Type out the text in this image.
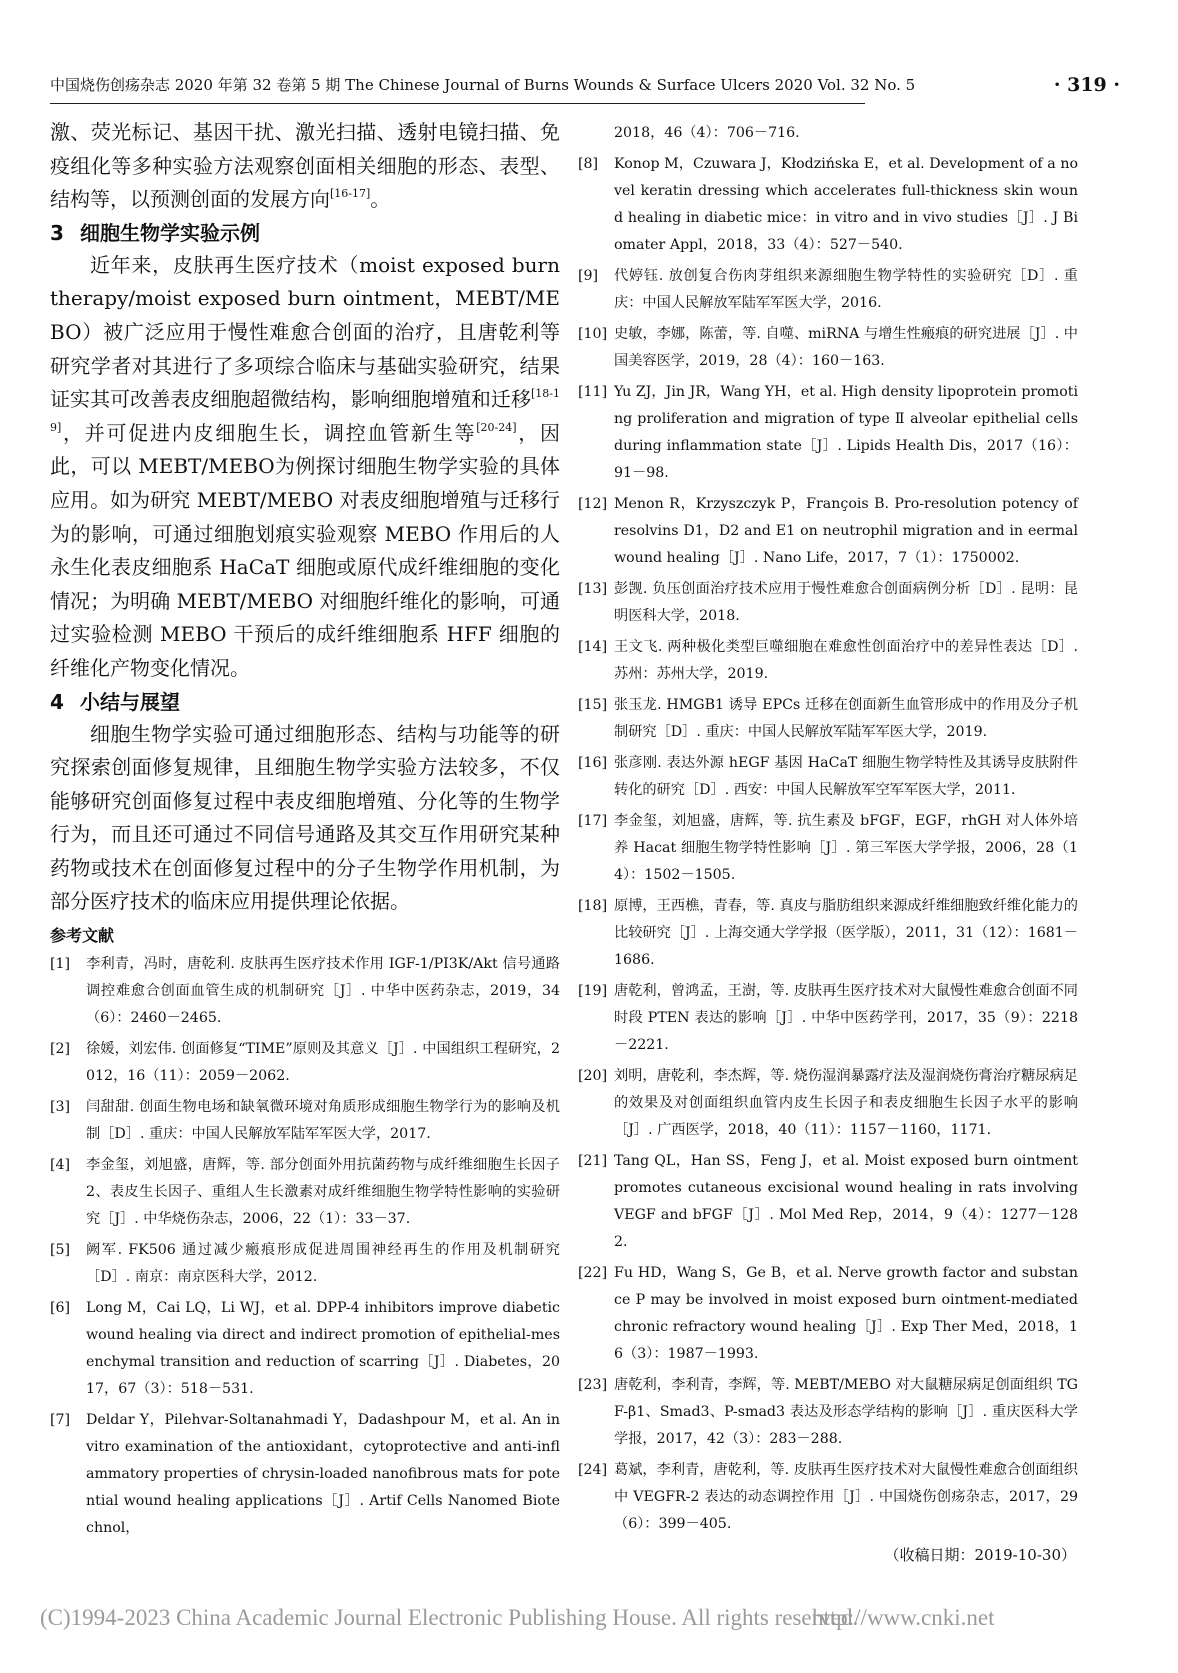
中国烧伤创疡杂志 2020 年第 32 卷第 5 期 The Chinese Journal of Burns Wounds & Surface Ulcers 2020 Vol. 32 No. 5	· 319 ·

激、荧光标记、基因干扰、激光扫描、透射电镜扫描、免疫组化等多种实验方法观察创面相关细胞的形态、表型、结构等，以预测创面的发展方向[16-17]。

3 细胞生物学实验示例

近年来，皮肤再生医疗技术（moist exposed burn therapy/moist exposed burn ointment，MEBT/MEBO）被广泛应用于慢性难愈合创面的治疗，且唐乾利等研究学者对其进行了多项综合临床与基础实验研究，结果证实其可改善表皮细胞超微结构，影响细胞增殖和迁移[18-19]，并可促进内皮细胞生长，调控血管新生等[20-24]，因此，可以 MEBT/MEBO为例探讨细胞生物学实验的具体应用。如为研究 MEBT/MEBO 对表皮细胞增殖与迁移行为的影响，可通过细胞划痕实验观察 MEBO 作用后的人永生化表皮细胞系 HaCaT 细胞或原代成纤维细胞的变化情况；为明确 MEBT/MEBO 对细胞纤维化的影响，可通过实验检测 MEBO 干预后的成纤维细胞系 HFF 细胞的纤维化产物变化情况。

4 小结与展望

细胞生物学实验可通过细胞形态、结构与功能等的研究探索创面修复规律，且细胞生物学实验方法较多，不仅能够研究创面修复过程中表皮细胞增殖、分化等的生物学行为，而且还可通过不同信号通路及其交互作用研究某种药物或技术在创面修复过程中的分子生物学作用机制，为部分医疗技术的临床应用提供理论依据。

参考文献
[1] 李利青，冯时，唐乾利. 皮肤再生医疗技术作用 IGF-1/PI3K/Akt 信号通路调控难愈合创面血管生成的机制研究［J］. 中华中医药杂志，2019，34（6）：2460－2465.
[2] 徐媛，刘宏伟. 创面修复“TIME”原则及其意义［J］. 中国组织工程研究，2012，16（11）：2059－2062.
[3] 闫甜甜. 创面生物电场和缺氧微环境对角质形成细胞生物学行为的影响及机制［D］. 重庆：中国人民解放军陆军军医大学，2017.
[4] 李金玺，刘旭盛，唐辉，等. 部分创面外用抗菌药物与成纤维细胞生长因子 2、表皮生长因子、重组人生长激素对成纤维细胞生物学特性影响的实验研究［J］. 中华烧伤杂志，2006，22（1）：33－37.
[5] 阙军. FK506 通过减少瘢痕形成促进周围神经再生的作用及机制研究［D］. 南京：南京医科大学，2012.
[6] Long M，Cai LQ，Li WJ，et al. DPP-4 inhibitors improve diabetic wound healing via direct and indirect promotion of epithelial-mesenchymal transition and reduction of scarring［J］. Diabetes，2017，67（3）：518－531.
[7] Deldar Y，Pilehvar-Soltanahmadi Y，Dadashpour M，et al. An in vitro examination of the antioxidant，cytoprotective and anti-inflammatory properties of chrysin-loaded nanofibrous mats for potential wound healing applications［J］. Artif Cells Nanomed Biotechnol，
2018，46（4）：706－716.
[8] Konop M，Czuwara J，Kłodzińska E，et al. Development of a novel keratin dressing which accelerates full-thickness skin wound healing in diabetic mice：in vitro and in vivo studies［J］. J Biomater Appl，2018，33（4）：527－540.
[9] 代婷钰. 放创复合伤肉芽组织来源细胞生物学特性的实验研究［D］. 重庆：中国人民解放军陆军军医大学，2016.
[10] 史敏，李娜，陈蕾，等. 自噬、miRNA 与增生性瘢痕的研究进展［J］. 中国美容医学，2019，28（4）：160－163.
[11] Yu ZJ，Jin JR，Wang YH，et al. High density lipoprotein promoting proliferation and migration of type Ⅱ alveolar epithelial cells during inflammation state［J］. Lipids Health Dis，2017（16）：91－98.
[12] Menon R，Krzyszczyk P，François B. Pro-resolution potency of resolvins D1，D2 and E1 on neutrophil migration and in eermal wound healing［J］. Nano Life，2017，7（1）：1750002.
[13] 彭觊. 负压创面治疗技术应用于慢性难愈合创面病例分析［D］. 昆明：昆明医科大学，2018.
[14] 王文飞. 两种极化类型巨噬细胞在难愈性创面治疗中的差异性表达［D］. 苏州：苏州大学，2019.
[15] 张玉龙. HMGB1 诱导 EPCs 迁移在创面新生血管形成中的作用及分子机制研究［D］. 重庆：中国人民解放军陆军军医大学，2019.
[16] 张彦刚. 表达外源 hEGF 基因 HaCaT 细胞生物学特性及其诱导皮肤附件转化的研究［D］. 西安：中国人民解放军空军军医大学，2011.
[17] 李金玺，刘旭盛，唐辉，等. 抗生素及 bFGF，EGF，rhGH 对人体外培养 Hacat 细胞生物学特性影响［J］. 第三军医大学学报，2006，28（14）：1502－1505.
[18] 原博，王西樵，青春，等. 真皮与脂肪组织来源成纤维细胞致纤维化能力的比较研究［J］. 上海交通大学学报（医学版），2011，31（12）：1681－1686.
[19] 唐乾利，曾鸿孟，王澍，等. 皮肤再生医疗技术对大鼠慢性难愈合创面不同时段 PTEN 表达的影响［J］. 中华中医药学刊，2017，35（9）：2218－2221.
[20] 刘明，唐乾利，李杰辉，等. 烧伤湿润暴露疗法及湿润烧伤膏治疗糖尿病足的效果及对创面组织血管内皮生长因子和表皮细胞生长因子水平的影响［J］. 广西医学，2018，40（11）：1157－1160，1171.
[21] Tang QL，Han SS，Feng J，et al. Moist exposed burn ointment promotes cutaneous excisional wound healing in rats involving VEGF and bFGF［J］. Mol Med Rep，2014，9（4）：1277－1282.
[22] Fu HD，Wang S，Ge B，et al. Nerve growth factor and substance P may be involved in moist exposed burn ointment-mediated chronic refractory wound healing［J］. Exp Ther Med，2018，16（3）：1987－1993.
[23] 唐乾利，李利青，李辉，等. MEBT/MEBO 对大鼠糖尿病足创面组织 TGF-β1、Smad3、P-smad3 表达及形态学结构的影响［J］. 重庆医科大学学报，2017，42（3）：283－288.
[24] 葛斌，李利青，唐乾利，等. 皮肤再生医疗技术对大鼠慢性难愈合创面组织中 VEGFR-2 表达的动态调控作用［J］. 中国烧伤创疡杂志，2017，29（6）：399－405.
（收稿日期：2019-10-30）
(C)1994-2023 China Academic Journal Electronic Publishing House. All rights reserved.
http://www.cnki.net
